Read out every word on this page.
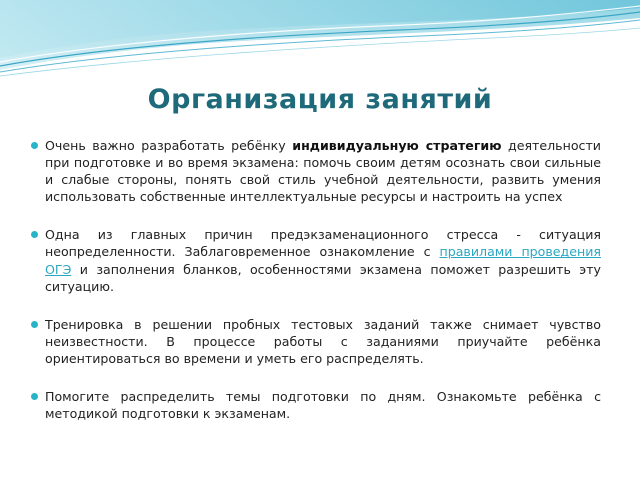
Организация занятий
Очень важно разработать ребёнку индивидуальную стратегию деятельности при подготовке и во время экзамена: помочь своим детям осознать свои сильные и слабые стороны, понять свой стиль учебной деятельности, развить умения использовать собственные интеллектуальные ресурсы и настроить на успех
Одна из главных причин предэкзаменационного стресса - ситуация неопределенности. Заблаговременное ознакомление с правилами проведения ОГЭ и заполнения бланков, особенностями экзамена поможет разрешить эту ситуацию.
Тренировка в решении пробных тестовых заданий также снимает чувство неизвестности. В процессе работы с заданиями приучайте ребёнка ориентироваться во времени и уметь его распределять.
Помогите распределить темы подготовки по дням. Ознакомьте ребёнка с методикой подготовки к экзаменам.
